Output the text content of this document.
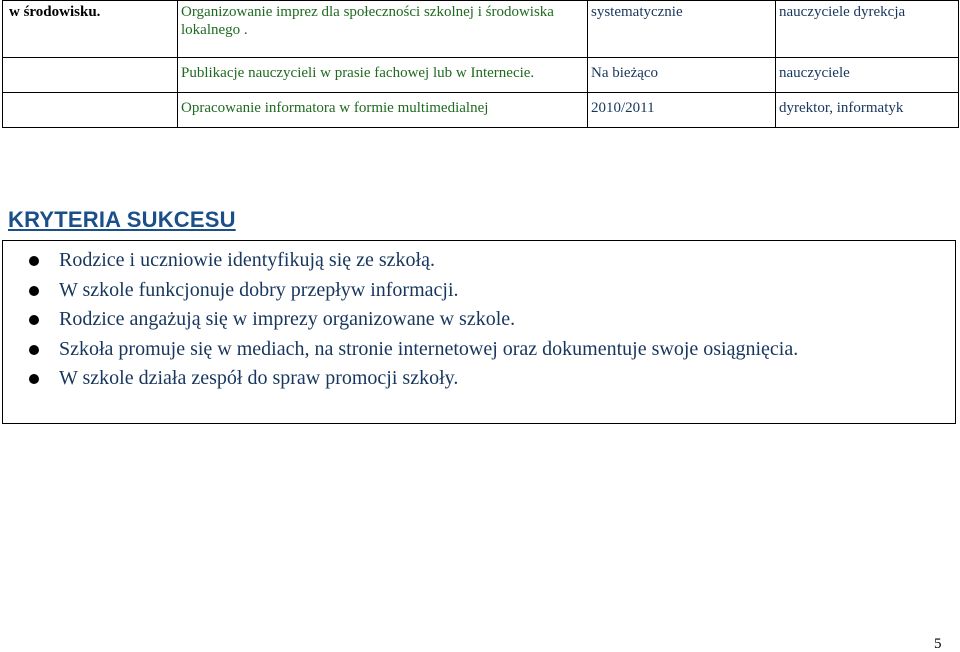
w środowisku.	Organizowanie imprez dla społeczności szkolnej i środowiska lokalnego .	systematycznie	nauczyciele dyrekcja
	Publikacje nauczycieli w prasie fachowej lub w Internecie.	Na bieżąco	nauczyciele
	Opracowanie informatora w formie multimedialnej	2010/2011	dyrektor, informatyk
KRYTERIA SUKCESU
Rodzice i uczniowie identyfikują się ze szkołą.
W szkole funkcjonuje dobry przepływ informacji.
Rodzice angażują się w imprezy organizowane w szkole.
Szkoła promuje się w mediach, na stronie internetowej oraz dokumentuje swoje osiągnięcia.
W szkole działa zespół do spraw promocji szkoły.
5
